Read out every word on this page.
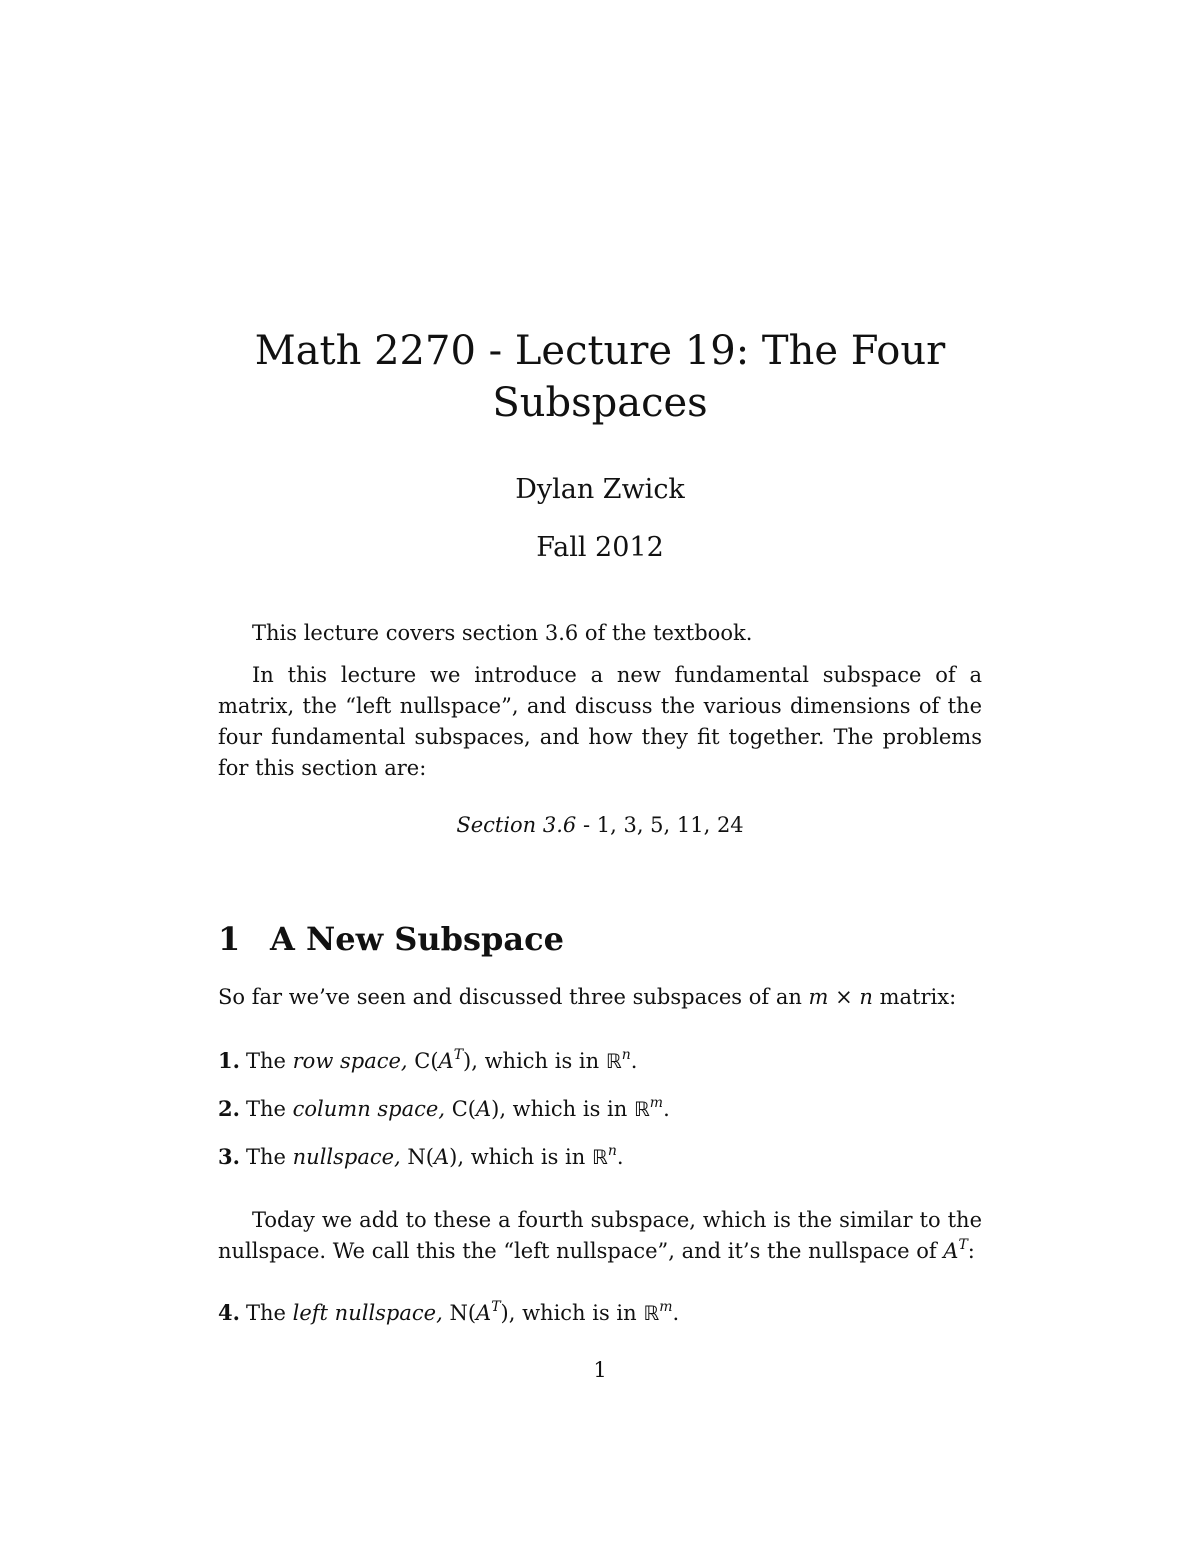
Math 2270 - Lecture 19: The Four
Subspaces
Dylan Zwick
Fall 2012

This lecture covers section 3.6 of the textbook.

In this lecture we introduce a new fundamental subspace of a matrix, the “left nullspace”, and discuss the various dimensions of the four fundamental subspaces, and how they fit together. The problems for this section are:

Section 3.6 - 1, 3, 5, 11, 24
1 A New Subspace

So far we’ve seen and discussed three subspaces of an m × n matrix:

1. The row space, $C(A^T)$, which is in ℝ$^n$.
2. The column space, C(A), which is in ℝ$^m$.
3. The nullspace, N(A), which is in ℝ$^n$.

Today we add to these a fourth subspace, which is the similar to the nullspace. We call this the “left nullspace”, and it’s the nullspace of $A^T$:

4. The left nullspace, $N(A^T)$, which is in ℝ$^m$.
1
